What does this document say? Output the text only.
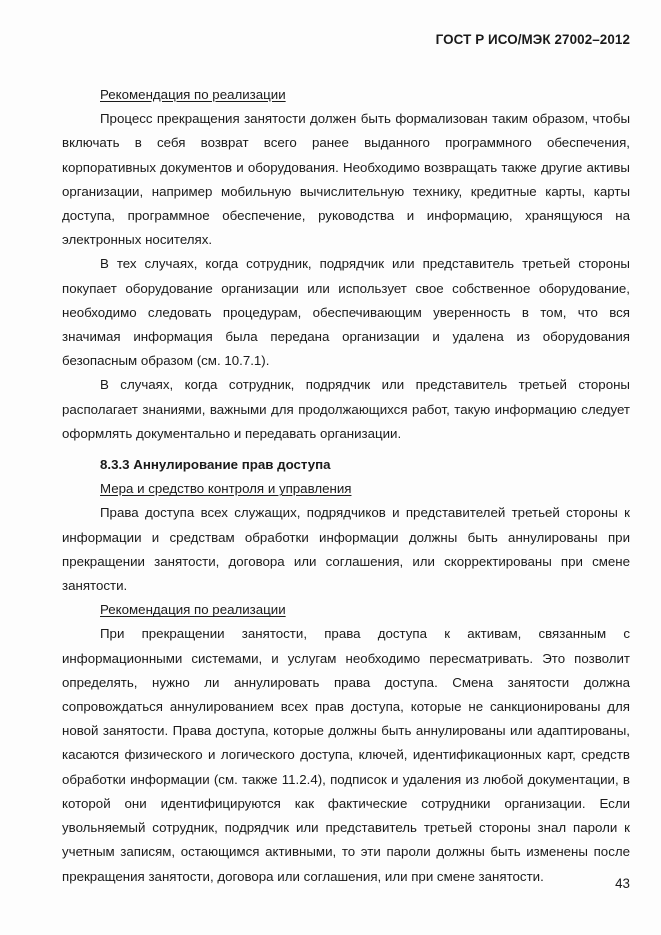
ГОСТ Р ИСО/МЭК 27002–2012

Рекомендация по реализации

Процесс прекращения занятости должен быть формализован таким образом, чтобы включать в себя возврат всего ранее выданного программного обеспечения, корпоративных документов и оборудования. Необходимо возвращать также другие активы организации, например мобильную вычислительную технику, кредитные карты, карты доступа, программное обеспечение, руководства и информацию, хранящуюся на электронных носителях.

В тех случаях, когда сотрудник, подрядчик или представитель третьей стороны покупает оборудование организации или использует свое собственное оборудование, необходимо следовать процедурам, обеспечивающим уверенность в том, что вся значимая информация была передана организации и удалена из оборудования безопасным образом (см. 10.7.1).

В случаях, когда сотрудник, подрядчик или представитель третьей стороны располагает знаниями, важными для продолжающихся работ, такую информацию следует оформлять документально и передавать организации.

8.3.3 Аннулирование прав доступа

Мера и средство контроля и управления

Права доступа всех служащих, подрядчиков и представителей третьей стороны к информации и средствам обработки информации должны быть аннулированы при прекращении занятости, договора или соглашения, или скорректированы при смене занятости.

Рекомендация по реализации

При прекращении занятости, права доступа к активам, связанным с информационными системами, и услугам необходимо пересматривать. Это позволит определять, нужно ли аннулировать права доступа. Смена занятости должна сопровождаться аннулированием всех прав доступа, которые не санкционированы для новой занятости. Права доступа, которые должны быть аннулированы или адаптированы, касаются физического и логического доступа, ключей, идентификационных карт, средств обработки информации (см. также 11.2.4), подписок и удаления из любой документации, в которой они идентифицируются как фактические сотрудники организации. Если увольняемый сотрудник, подрядчик или представитель третьей стороны знал пароли к учетным записям, остающимся активными, то эти пароли должны быть изменены после прекращения занятости, договора или соглашения, или при смене занятости.	43
